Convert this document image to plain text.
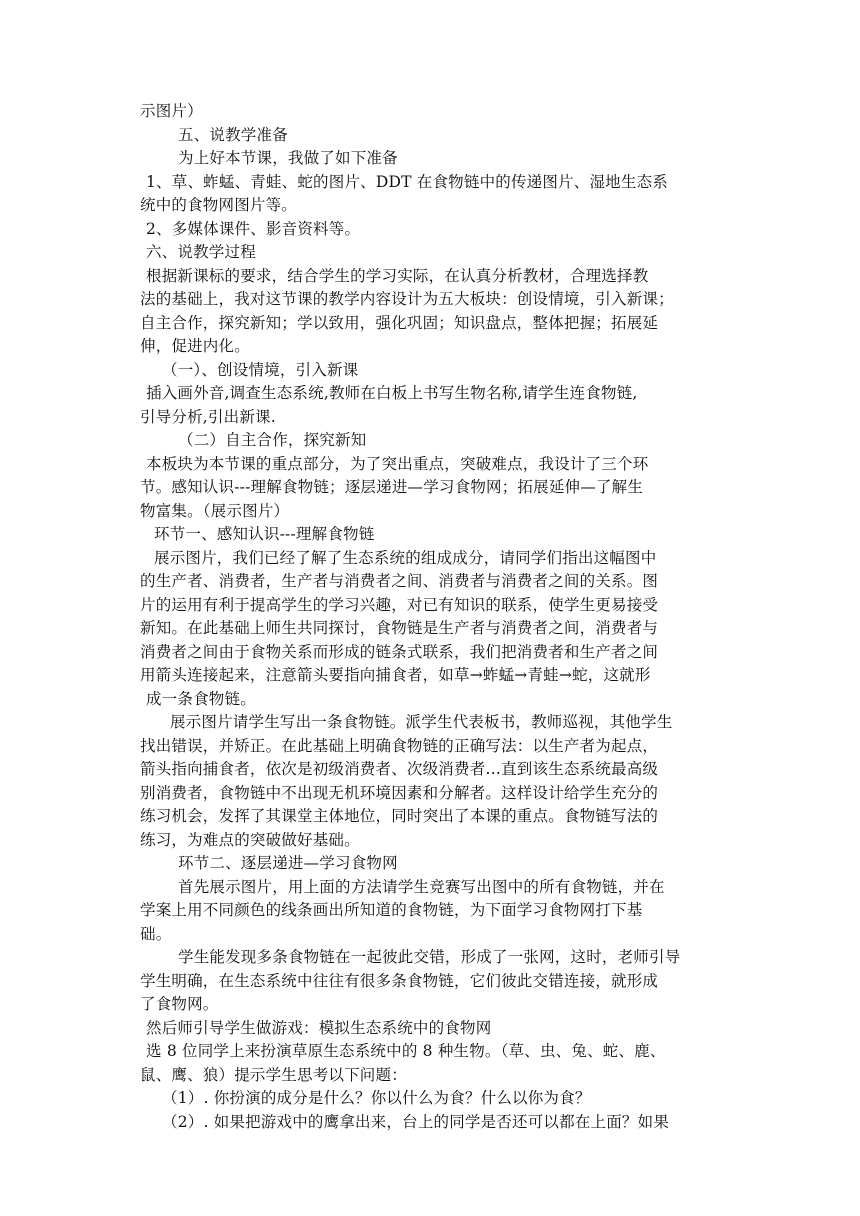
示图片）
五、说教学准备
为上好本节课，我做了如下准备
1、草、蚱蜢、青蛙、蛇的图片、DDT 在食物链中的传递图片、湿地生态系
统中的食物网图片等。
2、多媒体课件、影音资料等。
六、说教学过程
根据新课标的要求，结合学生的学习实际，在认真分析教材，合理选择教
法的基础上，我对这节课的教学内容设计为五大板块：创设情境，引入新课；
自主合作，探究新知；学以致用，强化巩固；知识盘点，整体把握；拓展延
伸，促进内化。
（一）、创设情境，引入新课
插入画外音,调查生态系统,教师在白板上书写生物名称,请学生连食物链,
引导分析,引出新课.
（二）自主合作，探究新知
本板块为本节课的重点部分，为了突出重点，突破难点，我设计了三个环
节。感知认识---理解食物链；逐层递进—学习食物网；拓展延伸—了解生
物富集。（展示图片）
环节一、感知认识---理解食物链
展示图片，我们已经了解了生态系统的组成成分，请同学们指出这幅图中
的生产者、消费者，生产者与消费者之间、消费者与消费者之间的关系。图
片的运用有利于提高学生的学习兴趣，对已有知识的联系，使学生更易接受
新知。在此基础上师生共同探讨，食物链是生产者与消费者之间，消费者与
消费者之间由于食物关系而形成的链条式联系，我们把消费者和生产者之间
用箭头连接起来，注意箭头要指向捕食者，如草→蚱蜢→青蛙→蛇，这就形
成一条食物链。
展示图片请学生写出一条食物链。派学生代表板书，教师巡视，其他学生
找出错误，并矫正。在此基础上明确食物链的正确写法：以生产者为起点，
箭头指向捕食者，依次是初级消费者、次级消费者…直到该生态系统最高级
别消费者，食物链中不出现无机环境因素和分解者。这样设计给学生充分的
练习机会，发挥了其课堂主体地位，同时突出了本课的重点。食物链写法的
练习，为难点的突破做好基础。
环节二、逐层递进—学习食物网
首先展示图片，用上面的方法请学生竞赛写出图中的所有食物链，并在
学案上用不同颜色的线条画出所知道的食物链，为下面学习食物网打下基
础。
学生能发现多条食物链在一起彼此交错，形成了一张网，这时，老师引导
学生明确，在生态系统中往往有很多条食物链，它们彼此交错连接，就形成
了食物网。
然后师引导学生做游戏：模拟生态系统中的食物网
选 8 位同学上来扮演草原生态系统中的 8 种生物。（草、虫、兔、蛇、鹿、
鼠、鹰、狼）提示学生思考以下问题：
（1）. 你扮演的成分是什么？你以什么为食？什么以你为食？
（2）. 如果把游戏中的鹰拿出来，台上的同学是否还可以都在上面？如果
